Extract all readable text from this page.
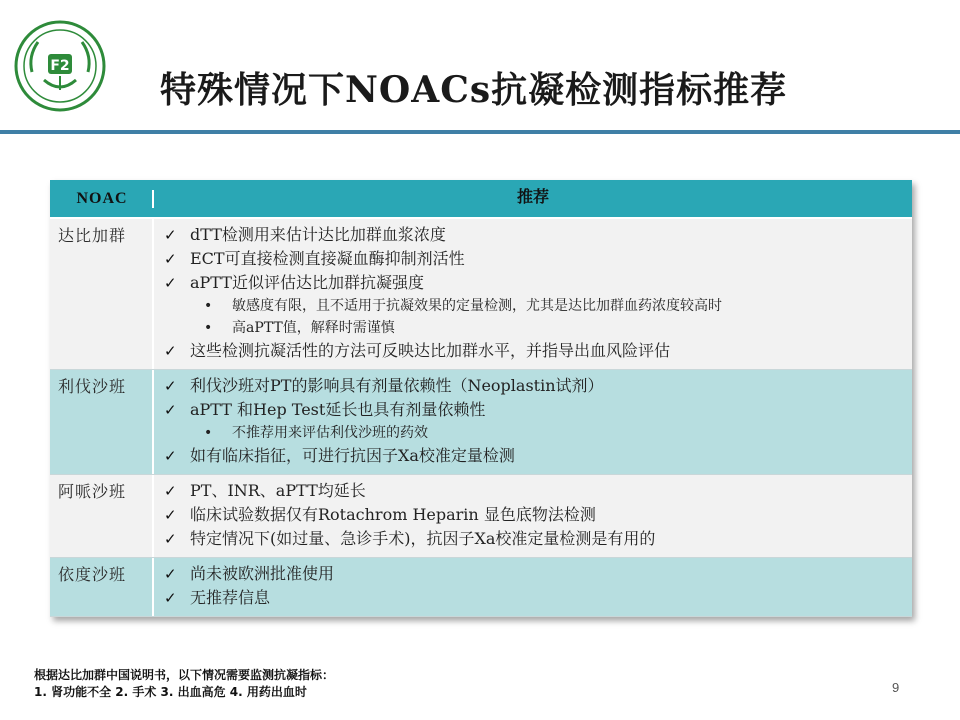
F2
特殊情况下NOACs抗凝检测指标推荐
NOAC	推荐
达比加群	✓ dTT检测用来估计达比加群血浆浓度
✓ ECT可直接检测直接凝血酶抑制剂活性
✓ aPTT近似评估达比加群抗凝强度
•	敏感度有限，且不适用于抗凝效果的定量检测，尤其是达比加群血药浓度较高时
•	高aPTT值，解释时需谨慎
✓ 这些检测抗凝活性的方法可反映达比加群水平，并指导出血风险评估
利伐沙班	✓ 利伐沙班对PT的影响具有剂量依赖性（Neoplastin试剂）
✓ aPTT 和Hep Test延长也具有剂量依赖性
•	不推荐用来评估利伐沙班的药效
✓ 如有临床指征，可进行抗因子Xa校准定量检测
阿哌沙班	✓ PT、INR、aPTT均延长
✓ 临床试验数据仅有Rotachrom Heparin 显色底物法检测
✓ 特定情况下(如过量、急诊手术)，抗因子Xa校准定量检测是有用的
依度沙班	✓ 尚未被欧洲批准使用
✓ 无推荐信息
根据达比加群中国说明书，以下情况需要监测抗凝指标：
1. 肾功能不全 2. 手术 3. 出血高危 4. 用药出血时	9
